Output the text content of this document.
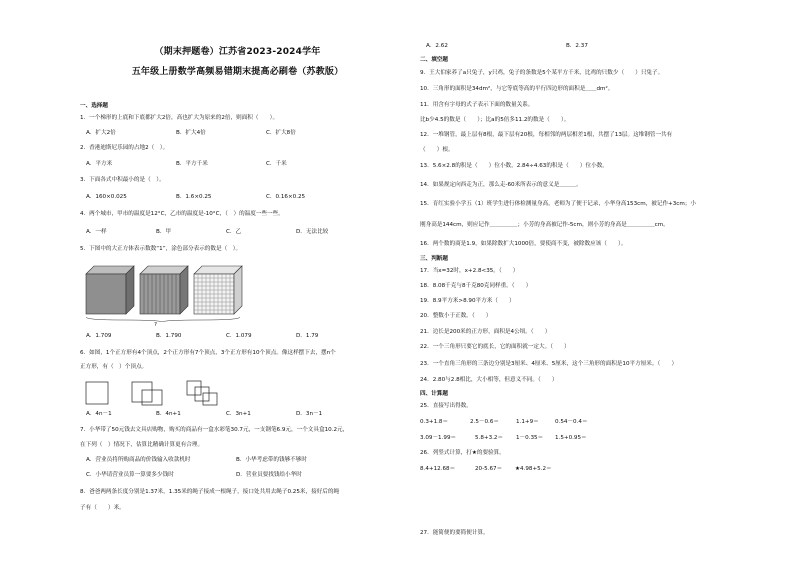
（期末押题卷）江苏省2023-2024学年
五年级上册数学高频易错期末提高必刷卷（苏教版）
一、选择题
1．一个梯形的上底和下底都扩大2倍，高也扩大为原来的2倍，则面积（　　）。
A．扩大2倍	B．扩大4倍	C．扩大8倍
2．香港迪斯尼乐园的占地2（　）。
A．平方米	B．平方千米	C．千米
3．下面各式中积最小的是（　）。
A．160×0.025	B．1.6×0.25	C．0.16×0.25
4．两个城市，甲市的温度是12°C，乙市的温度是-10°C，（　）的温度一些一些。
A．一样	B．甲	C．乙	D．无法比较
5．下图中的大正方体表示数数“1”，涂色部分表示的数是（　）。
?
A．1.709	B．1.790	C．1.079	D．1.79
6．如图，1个正方形有4个顶点，2个正方形有7个顶点，3个正方形有10个顶点。像这样摆下去，摆n个
正方形，有（　）个顶点。
A．4n－1	B．4n+1	C．3n+1	D．3n－1
7．小华带了50元钱去文具店购物，购买的商品有一盒水彩笔30.7元，一支钢笔6.9元，一个文具盒10.2元，
在下列（　）情况下，估算比精确计算更有合理。
A．营业员将所购商品的价钱输入收款机时	B．小华考虑带的钱够不够时
C．小华请营业员算一算要多少钱时	D．营业员要找钱给小华时
8．爸爸两两条长度分别是1.37米，1.35米的绳子接成一根绳子，接口处共用去绳子0.25米，接好后的绳
子有（　　）米。
A．2.62	B．2.37
二、填空题
9．王大伯家养了a只兔子，y只鸡，兔子的条数是5个某平方千米，比鸡的只数少（　　）只兔子。
10．三角形的面积是34dm²，与它等底等高的平行四边形的面积是＿＿dm²。
11．用含有字母的式子表示下面的数量关系。
比b少4.5的数是（　　）；比a的5倍多11.2的数是（　　）。
12．一堆钢管，最上层有8根，最下层有20根，每相邻的两层相差1根，共摆了13层。这堆钢管一共有
（　　）根。
13．5.6×2.8的积是（　　）位小数，2.84÷4.63的积是（　　）位小数。
14．如果规定向西走为正，那么走-60米所表示的意义是＿＿＿。
15．育红实验小学五（1）班学生进行体检测量身高，老师为了便于记录，小华身高153cm，被记作+3cm；小
刚身高是144cm，则应记作＿＿＿＿＿；小芳的身高被记作-5cm，则小芳的身高是＿＿＿＿＿cm。
16．两个数的商是1.9，如果除数扩大1000倍，要使商不变，被除数应该（　　）。
三、判断题
17．当x=32时，x+2.8<35。（　　）
18．8.08千克与8千克80克同样重。（　　）
19．8.9平方米>8.90平方米（　　）
20．整数小于正数。（　　）
21．边长是200米的正方形，面积是4公顷。（　　）
22．一个三角形只要它的底长，它的面积就一定大。（　　）
23．一个直角三角形的三条边分别是3厘米、4厘米、5厘米，这个三角形的面积是10平方厘米。（　　）
24．2.80与2.8相比，大小相等，但意义不同。（　　）
四、计算题
25．直接写出得数。
0.3+1.8＝	2.5－0.6＝	1.1+9＝	0.54－0.4＝
3.09－1.99＝	5.8+3.2＝ 1－0.35＝ 1.5+0.95＝
26．列竖式计算，打★的要验算。
8.4+12.68＝	20-5.67＝ ★4.98+5.2＝
27．能简便的要简便计算。
